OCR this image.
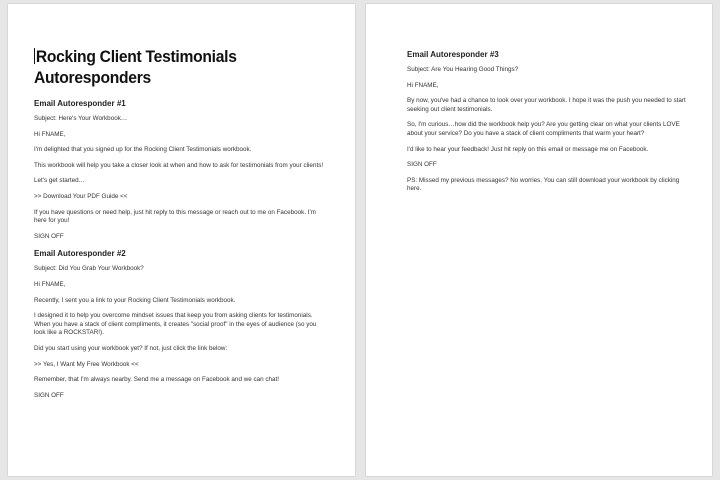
Rocking Client Testimonials
Autoresponders
Email Autoresponder #1
Subject: Here's Your Workbook…
Hi FNAME,
I'm delighted that you signed up for the Rocking Client Testimonials workbook.
This workbook will help you take a closer look at when and how to ask for testimonials from your clients!
Let's get started…
>> Download Your PDF Guide <<
If you have questions or need help, just hit reply to this message or reach out to me on Facebook. I'm here for you!
SIGN OFF
Email Autoresponder #2
Subject: Did You Grab Your Workbook?
Hi FNAME,
Recently, I sent you a link to your Rocking Client Testimonials workbook.
I designed it to help you overcome mindset issues that keep you from asking clients for testimonials. When you have a stack of client compliments, it creates "social proof" in the eyes of audience (so you look like a ROCKSTAR!).
Did you start using your workbook yet? If not, just click the link below:
>> Yes, I Want My Free Workbook <<
Remember, that I'm always nearby. Send me a message on Facebook and we can chat!
SIGN OFF
Email Autoresponder #3
Subject: Are You Hearing Good Things?
Hi FNAME,
By now, you've had a chance to look over your workbook. I hope it was the push you needed to start seeking out client testimonials.
So, I'm curious…how did the workbook help you? Are you getting clear on what your clients LOVE about your service? Do you have a stack of client compliments that warm your heart?
I'd like to hear your feedback! Just hit reply on this email or message me on Facebook.
SIGN OFF
PS: Missed my previous messages? No worries. You can still download your workbook by clicking here.
